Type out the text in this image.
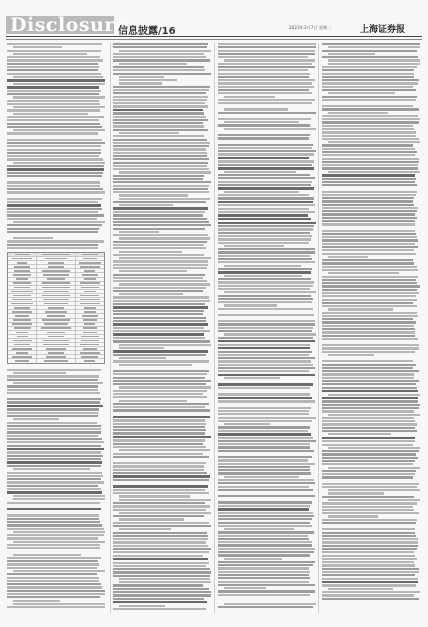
Disclosure
信息披露/16	2023年3月7日 星期二	上海证券报
